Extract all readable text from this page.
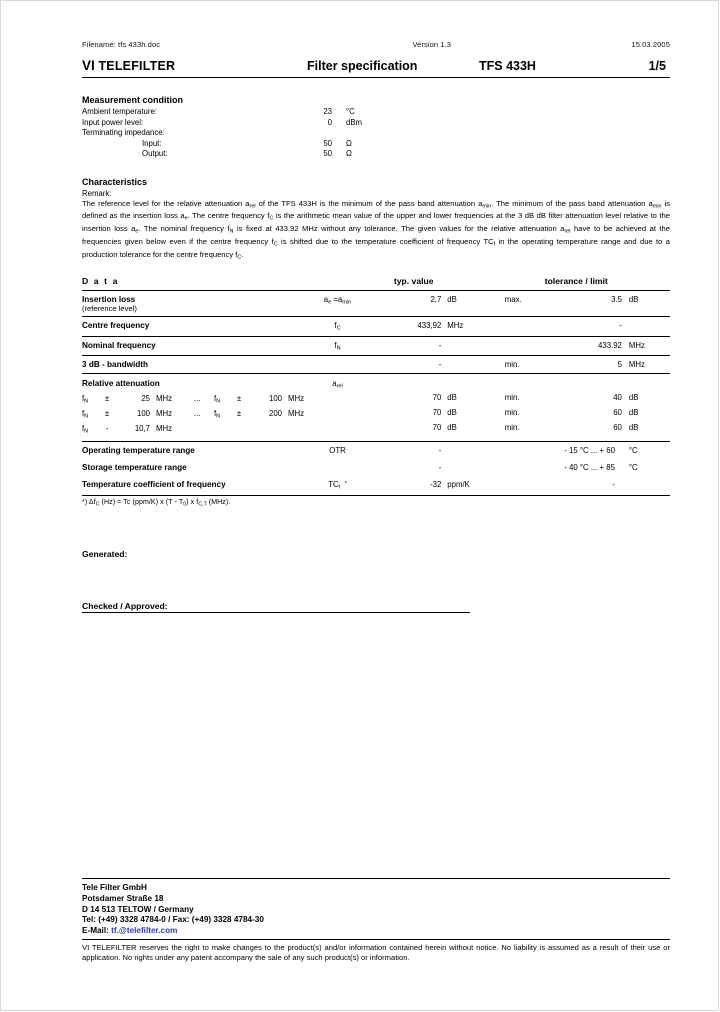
Filename: tfs 433h.doc	Version 1.3	15.03.2005
VI TELEFILTER	Filter specification	TFS 433H	1/5
Measurement condition
Ambient temperature:	23	°C
Input power level:	0	dBm
Terminating impedance:		
Input:	50	Ω
Output:	50	Ω
Characteristics
Remark:
The reference level for the relative attenuation $a_{rel}$ of the TFS 433H is the minimum of the pass band attenuation $a_{min}$. The minimum of the pass band attenuation $a_{min}$ is defined as the insertion loss $a_e$. The centre frequency $f_C$ is the arithmetic mean value of the upper and lower frequencies at the 3 dB dB filter attenuation level relative to the insertion loss $a_e$. The nominal frequency $f_N$ is fixed at 433.92 MHz without any tolerance. The given values for the relative attenuation $a_{rel}$ have to be achieved at the frequencies given below even if the centre frequency $f_C$ is shifted due to the temperature coefficient of frequency $TC_f$ in the operating temperature range and due to a production tolerance for the centre frequency $f_C$.
D a t a		typ. value		tolerance / limit		

Insertion loss
(reference level)	$a_e =a_{min}$	2,7	dB	max.	3.5	dB

Centre frequency	$f_C$	433,92	MHz		-	

Nominal frequency	$f_N$	-			433.92	MHz

3 dB - bandwidth		-		min.	5	MHz

Relative attenuation	$a_{rel}$					
$f_N \pm 25$ MHz ... $f_N \pm 100$ MHz		70	dB	min.	40	dB
$f_N \pm 100$ MHz ... $f_N \pm 200$ MHz		70	dB	min.	60	dB
$f_N - 10,7$ MHz		70	dB	min.	60	dB

Operating temperature range	OTR	-		- 15 °C ... + 60		°C
Storage temperature range		-		- 40 °C ... + 85		°C
Temperature coefficient of frequency	$TC_f$  *	-32	ppm/K	-		

*) $\Delta f_C$ (Hz) = Tc (ppm/K) x $(T - T_0)$ x $f_{C,T}$ (MHz).
Generated:
Checked / Approved:
Tele Filter GmbH
Potsdamer Straße 18
D 14 513 TELTOW / Germany
Tel: (+49) 3328 4784-0 / Fax: (+49) 3328 4784-30
E-Mail: tf.@telefilter.com
VI TELEFILTER reserves the right to make changes to the product(s) and/or information contained herein without notice. No liability is assumed as a result of their use or application. No rights under any patent accompany the sale of any such product(s) or information.
